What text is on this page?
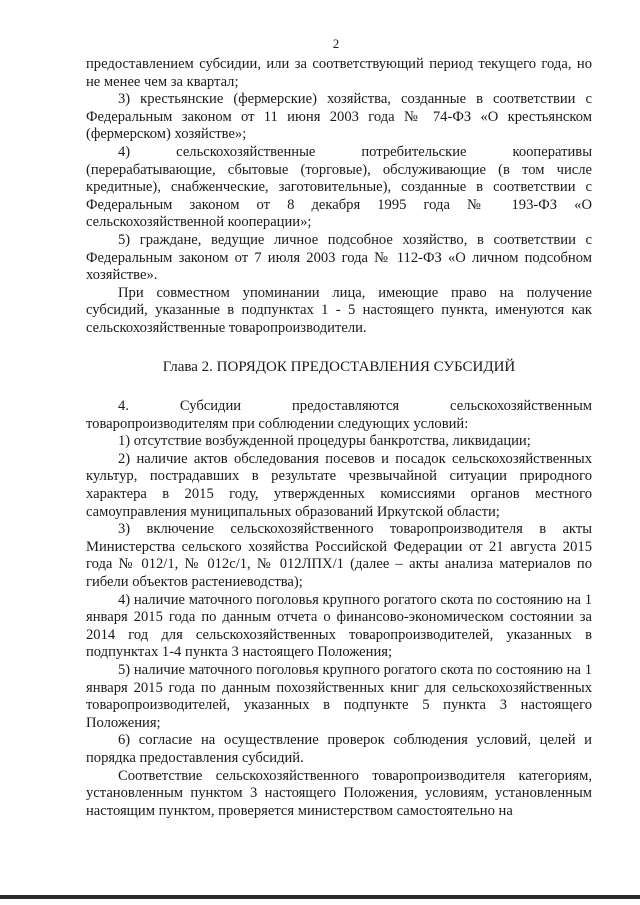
2

предоставлением субсидии, или за соответствующий период текущего года, но не менее чем за квартал;

3) крестьянские (фермерские) хозяйства, созданные в соответствии с Федеральным законом от 11 июня 2003 года № 74-ФЗ «О крестьянском (фермерском) хозяйстве»;

4) сельскохозяйственные потребительские кооперативы (перерабатывающие, сбытовые (торговые), обслуживающие (в том числе кредитные), снабженческие, заготовительные), созданные в соответствии с Федеральным законом от 8 декабря 1995 года № 193-ФЗ «О сельскохозяйственной кооперации»;

5) граждане, ведущие личное подсобное хозяйство, в соответствии с Федеральным законом от 7 июля 2003 года № 112-ФЗ «О личном подсобном хозяйстве».

При совместном упоминании лица, имеющие право на получение субсидий, указанные в подпунктах 1 - 5 настоящего пункта, именуются как сельскохозяйственные товаропроизводители.

Глава 2. ПОРЯДОК ПРЕДОСТАВЛЕНИЯ СУБСИДИЙ

4. Субсидии предоставляются сельскохозяйственным товаропроизводителям при соблюдении следующих условий:

1) отсутствие возбужденной процедуры банкротства, ликвидации;

2) наличие актов обследования посевов и посадок сельскохозяйственных культур, пострадавших в результате чрезвычайной ситуации природного характера в 2015 году, утвержденных комиссиями органов местного самоуправления муниципальных образований Иркутской области;

3) включение сельскохозяйственного товаропроизводителя в акты Министерства сельского хозяйства Российской Федерации от 21 августа 2015 года № 012/1, № 012с/1, № 012ЛПХ/1 (далее – акты анализа материалов по гибели объектов растениеводства);

4) наличие маточного поголовья крупного рогатого скота по состоянию на 1 января 2015 года по данным отчета о финансово-экономическом состоянии за 2014 год для сельскохозяйственных товаропроизводителей, указанных в подпунктах 1-4 пункта 3 настоящего Положения;

5) наличие маточного поголовья крупного рогатого скота по состоянию на 1 января 2015 года по данным похозяйственных книг для сельскохозяйственных товаропроизводителей, указанных в подпункте 5 пункта 3 настоящего Положения;

6) согласие на осуществление проверок соблюдения условий, целей и порядка предоставления субсидий.

Соответствие сельскохозяйственного товаропроизводителя категориям, установленным пунктом 3 настоящего Положения, условиям, установленным настоящим пунктом, проверяется министерством самостоятельно на
